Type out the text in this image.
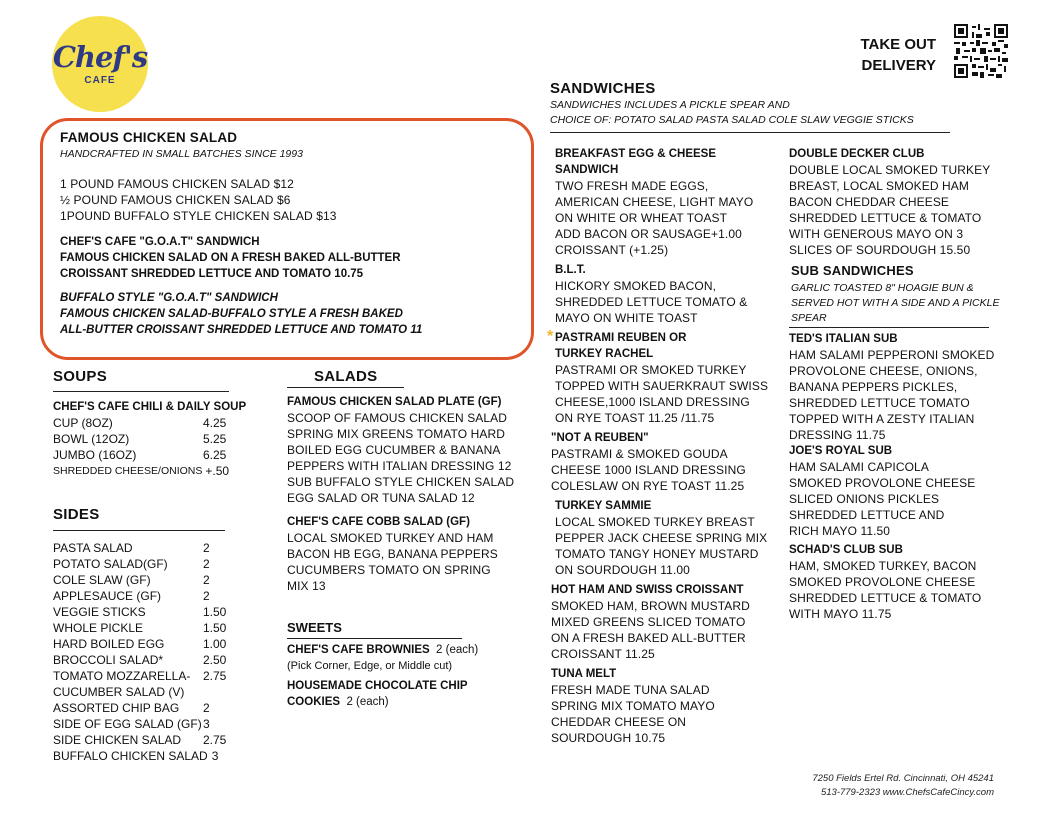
Chef's
CAFE
TAKE OUT
DELIVERY
SANDWICHES
SANDWICHES INCLUDES A PICKLE SPEAR AND
CHOICE OF: POTATO SALAD PASTA SALAD COLE SLAW VEGGIE STICKS
FAMOUS CHICKEN SALAD
HANDCRAFTED IN SMALL BATCHES SINCE 1993
1 POUND FAMOUS CHICKEN SALAD $12
½ POUND FAMOUS CHICKEN SALAD $6
1POUND BUFFALO STYLE CHICKEN SALAD $13
CHEF'S CAFE "G.O.A.T" SANDWICH
FAMOUS CHICKEN SALAD ON A FRESH BAKED ALL-BUTTER
CROISSANT SHREDDED LETTUCE AND TOMATO 10.75
BUFFALO STYLE "G.O.A.T" SANDWICH
FAMOUS CHICKEN SALAD-BUFFALO STYLE A FRESH BAKED
ALL-BUTTER CROISSANT SHREDDED LETTUCE AND TOMATO 11
SOUPS
CHEF'S CAFE CHILI & DAILY SOUP
CUP (8OZ)	4.25
BOWL (12OZ)	5.25
JUMBO (16OZ)	6.25
SHREDDED CHEESE/ONIONS +.50
SIDES
PASTA SALAD	2
POTATO SALAD(GF)	2
COLE SLAW (GF)	2
APPLESAUCE (GF)	2
VEGGIE STICKS	1.50
WHOLE PICKLE	1.50
HARD BOILED EGG	1.00
BROCCOLI SALAD*	2.50
TOMATO MOZZARELLA-	2.75
CUCUMBER SALAD (V)
ASSORTED CHIP BAG	2
SIDE OF EGG SALAD (GF) 3
SIDE CHICKEN SALAD	2.75
BUFFALO CHICKEN SALAD 3
SALADS
FAMOUS CHICKEN SALAD PLATE (GF)
SCOOP OF FAMOUS CHICKEN SALAD
SPRING MIX GREENS TOMATO HARD
BOILED EGG CUCUMBER & BANANA
PEPPERS WITH ITALIAN DRESSING 12
SUB BUFFALO STYLE CHICKEN SALAD
EGG SALAD OR TUNA SALAD 12
CHEF'S CAFE COBB SALAD (GF)
LOCAL SMOKED TURKEY AND HAM
BACON HB EGG, BANANA PEPPERS
CUCUMBERS TOMATO ON SPRING
MIX 13
SWEETS
CHEF'S CAFE BROWNIES 2 (each)
(Pick Corner, Edge, or Middle cut)
HOUSEMADE CHOCOLATE CHIP
COOKIES 2 (each)
BREAKFAST EGG & CHEESE
SANDWICH
TWO FRESH MADE EGGS,
AMERICAN CHEESE, LIGHT MAYO
ON WHITE OR WHEAT TOAST
ADD BACON OR SAUSAGE+1.00
CROISSANT (+1.25)
B.L.T.
HICKORY SMOKED BACON,
SHREDDED LETTUCE TOMATO &
MAYO ON WHITE TOAST
* PASTRAMI REUBEN OR
TURKEY RACHEL
PASTRAMI OR SMOKED TURKEY
TOPPED WITH SAUERKRAUT SWISS
CHEESE,1000 ISLAND DRESSING
ON RYE TOAST 11.25 /11.75
"NOT A REUBEN"
PASTRAMI & SMOKED GOUDA
CHEESE 1000 ISLAND DRESSING
COLESLAW ON RYE TOAST 11.25
TURKEY SAMMIE
LOCAL SMOKED TURKEY BREAST
PEPPER JACK CHEESE SPRING MIX
TOMATO TANGY HONEY MUSTARD
ON SOURDOUGH 11.00
HOT HAM AND SWISS CROISSANT
SMOKED HAM, BROWN MUSTARD
MIXED GREENS SLICED TOMATO
ON A FRESH BAKED ALL-BUTTER
CROISSANT 11.25
TUNA MELT
FRESH MADE TUNA SALAD
SPRING MIX TOMATO MAYO
CHEDDAR CHEESE ON
SOURDOUGH 10.75
DOUBLE DECKER CLUB
DOUBLE LOCAL SMOKED TURKEY
BREAST, LOCAL SMOKED HAM
BACON CHEDDAR CHEESE
SHREDDED LETTUCE & TOMATO
WITH GENEROUS MAYO ON 3
SLICES OF SOURDOUGH 15.50
SUB SANDWICHES
GARLIC TOASTED 8" HOAGIE BUN &
SERVED HOT WITH A SIDE AND A PICKLE
SPEAR
TED'S ITALIAN SUB
HAM SALAMI PEPPERONI SMOKED
PROVOLONE CHEESE, ONIONS,
BANANA PEPPERS PICKLES,
SHREDDED LETTUCE TOMATO
TOPPED WITH A ZESTY ITALIAN
DRESSING 11.75
JOE'S ROYAL SUB
HAM SALAMI CAPICOLA
SMOKED PROVOLONE CHEESE
SLICED ONIONS PICKLES
SHREDDED LETTUCE AND
RICH MAYO 11.50
SCHAD'S CLUB SUB
HAM, SMOKED TURKEY, BACON
SMOKED PROVOLONE CHEESE
SHREDDED LETTUCE & TOMATO
WITH MAYO 11.75
7250 Fields Ertel Rd. Cincinnati, OH 45241
513-779-2323 www.ChefsCafeCincy.com
